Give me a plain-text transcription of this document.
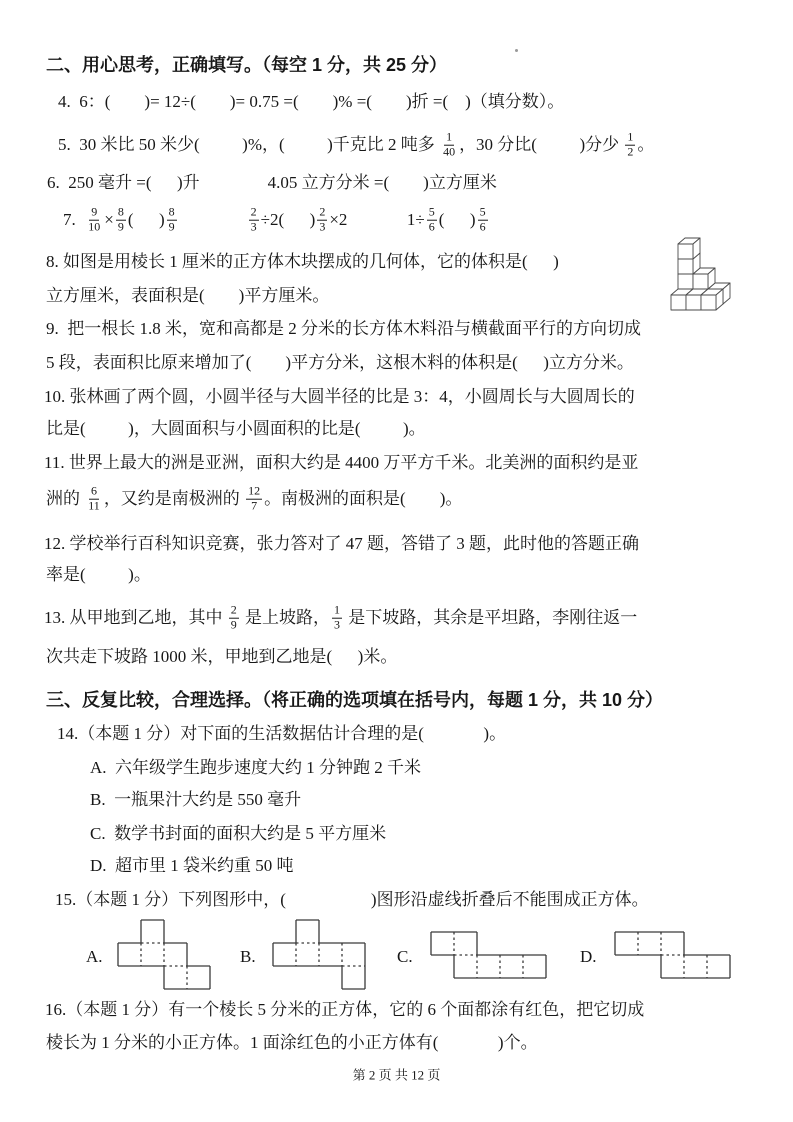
二、用心思考，正确填写。（每空 1 分，共 25 分）
4.  6：(        )= 12÷(        )= 0.75 =(        )% =(        )折 =(    )（填分数）。
5.  30 米比 50 米少(          )%，(          )千克比 2 吨多 $\frac{1}{40}$ ，30 分比(          )分少 $\frac{1}{2}$ 。
6.  250 毫升 =(      )升                4.05 立方分米 =(        )立方厘米
7. $\frac{9}{10} \times \frac{8}{9}$ (      ) $\frac{8}{9}$
	$\frac{2}{3} \div 2$(      ) $\frac{2}{3} \times 2$	$1\div \frac{5}{6}$ (      ) $\frac{5}{6}$
8. 如图是用棱长 1 厘米的正方体木块摆成的几何体，它的体积是(      )
立方厘米，表面积是(        )平方厘米。
9.  把一根长 1.8 米，宽和高都是 2 分米的长方体木料沿与横截面平行的方向切成
5 段，表面积比原来增加了(        )平方分米，这根木料的体积是(      )立方分米。
10. 张林画了两个圆，小圆半径与大圆半径的比是 3：4，小圆周长与大圆周长的
比是(          )，大圆面积与小圆面积的比是(          )。
11. 世界上最大的洲是亚洲，面积大约是 4400 万平方千米。北美洲的面积约是亚
洲的 $\frac{6}{11}$ ，又约是南极洲的 $\frac{12}{7}$ 。南极洲的面积是(        )。
12. 学校举行百科知识竞赛，张力答对了 47 题，答错了 3 题，此时他的答题正确
率是(          )。
13. 从甲地到乙地，其中 $\frac{2}{9}$ 是上坡路， $\frac{1}{3}$ 是下坡路，其余是平坦路，李刚往返一
次共走下坡路 1000 米，甲地到乙地是(      )米。
三、反复比较，合理选择。（将正确的选项填在括号内，每题 1 分，共 10 分）
14.（本题 1 分）对下面的生活数据估计合理的是(              )。
A.  六年级学生跑步速度大约 1 分钟跑 2 千米
B.  一瓶果汁大约是 550 毫升
C.  数学书封面的面积大约是 5 平方厘米
D.  超市里 1 袋米约重 50 吨
15.（本题 1 分）下列图形中，(                    )图形沿虚线折叠后不能围成正方体。
A.	B.	C.	D.
16.（本题 1 分）有一个棱长 5 分米的正方体，它的 6 个面都涂有红色，把它切成
棱长为 1 分米的小正方体。1 面涂红色的小正方体有(              )个。
第 2 页 共 12 页
